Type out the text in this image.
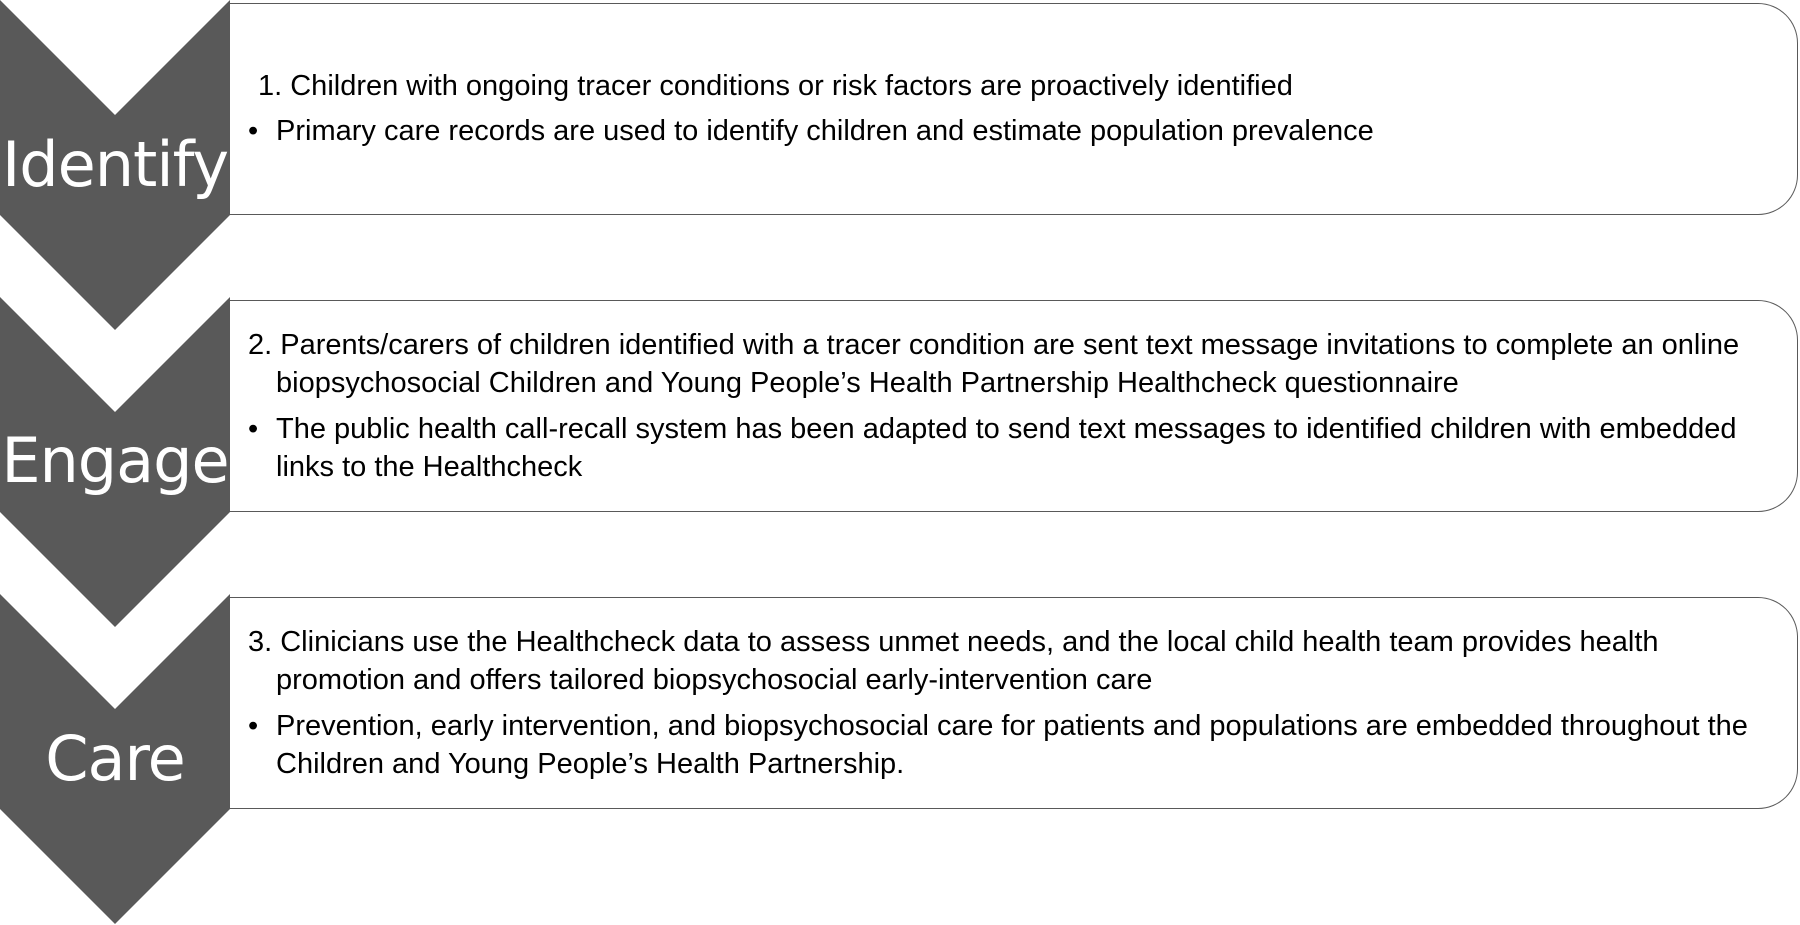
Identify
Engage
Care
1. Children with ongoing tracer conditions or risk factors are proactively identified
• Primary care records are used to identify children and estimate population prevalence
2. Parents/carers of children identified with a tracer condition are sent text message invitations to complete an online biopsychosocial Children and Young People’s Health Partnership Healthcheck questionnaire
• The public health call-recall system has been adapted to send text messages to identified children with embedded links to the Healthcheck
3. Clinicians use the Healthcheck data to assess unmet needs, and the local child health team provides health promotion and offers tailored biopsychosocial early-intervention care
• Prevention, early intervention, and biopsychosocial care for patients and populations are embedded throughout the Children and Young People’s Health Partnership.
